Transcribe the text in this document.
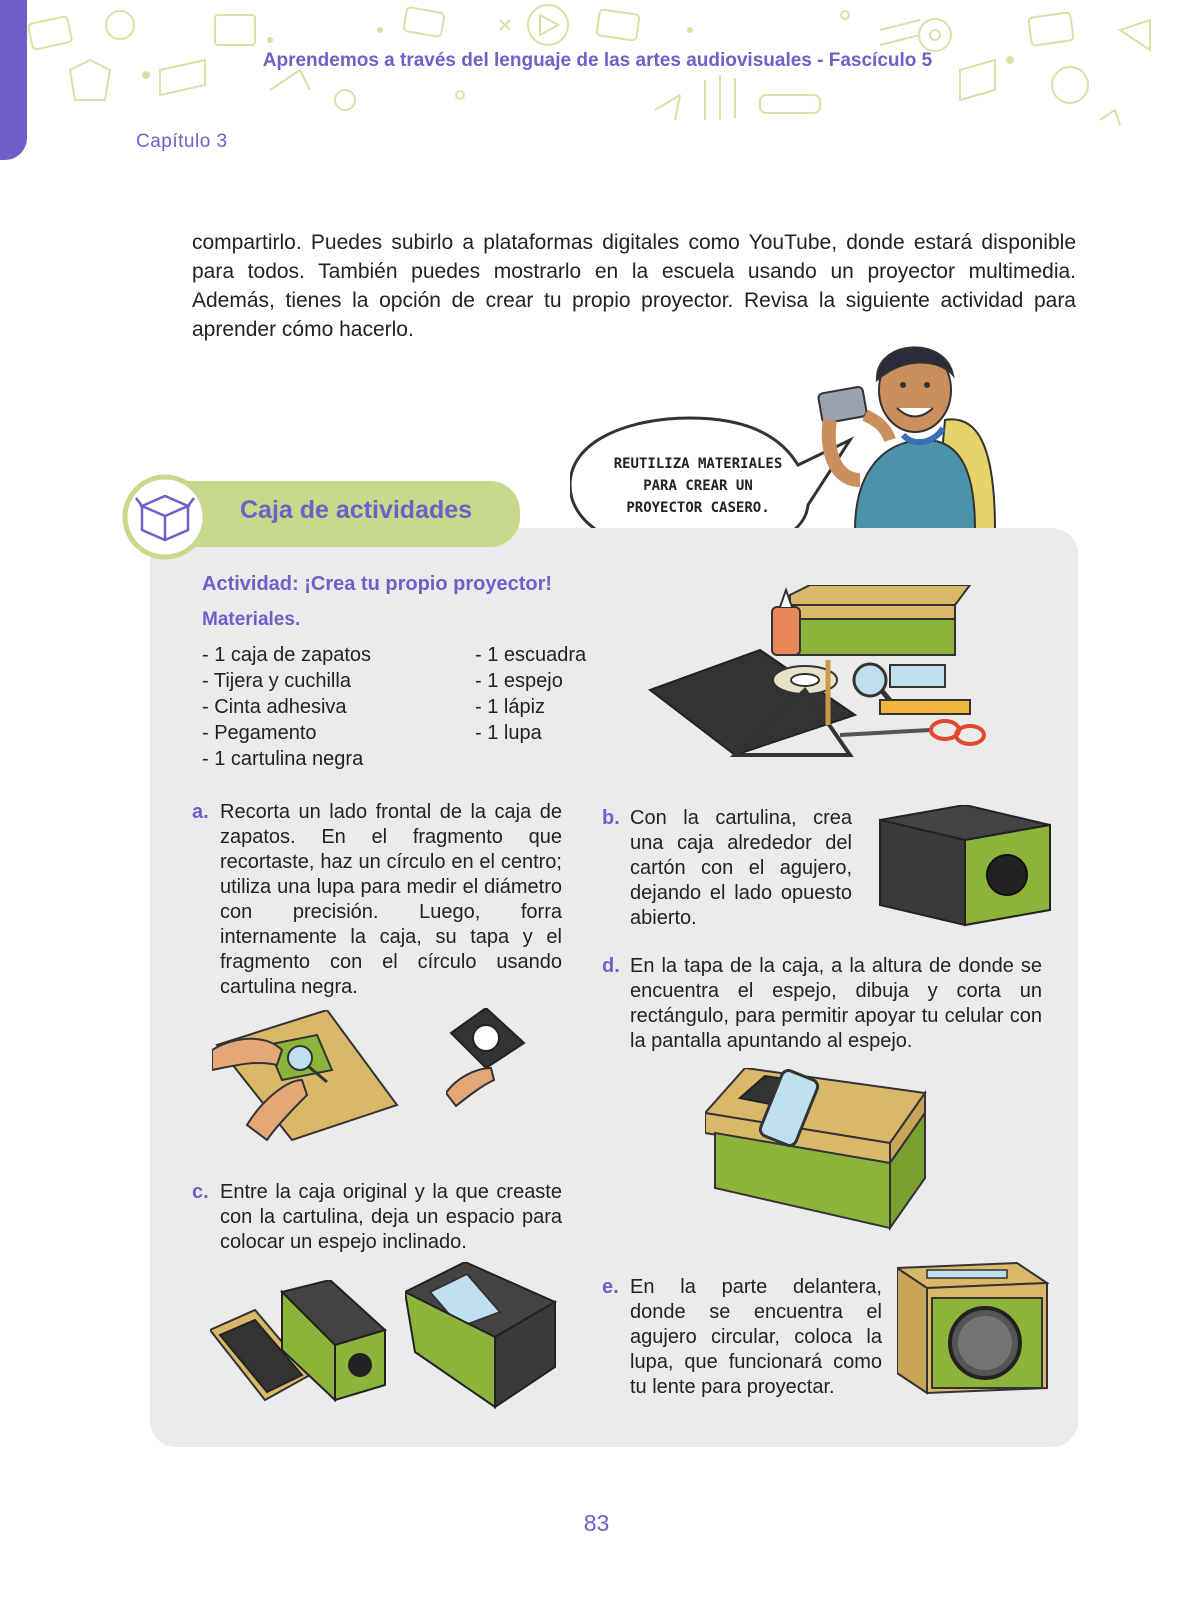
Aprendemos a través del lenguaje de las artes audiovisuales - Fascículo 5
Capítulo 3

compartirlo. Puedes subirlo a plataformas digitales como YouTube, donde estará disponible para todos. También puedes mostrarlo en la escuela usando un proyector multimedia. Además, tienes la opción de crear tu propio proyector. Revisa la siguiente actividad para aprender cómo hacerlo.

REUTILIZA MATERIALES
PARA CREAR UN
PROYECTOR CASERO.
Caja de actividades
Actividad: ¡Crea tu propio proyector!
Materiales.
- 1 caja de zapatos
- Tijera y cuchilla
- Cinta adhesiva
- Pegamento
- 1 cartulina negra
- 1 escuadra
- 1 espejo
- 1 lápiz
- 1 lupa
a. Recorta un lado frontal de la caja de zapatos. En el fragmento que recortaste, haz un círculo en el centro; utiliza una lupa para medir el diámetro con precisión. Luego, forra internamente la caja, su tapa y el fragmento con el círculo usando cartulina negra.
b. Con la cartulina, crea una caja alrededor del cartón con el agujero, dejando el lado opuesto abierto.
d. En la tapa de la caja, a la altura de donde se encuentra el espejo, dibuja y corta un rectángulo, para permitir apoyar tu celular con la pantalla apuntando al espejo.
c. Entre la caja original y la que creaste con la cartulina, deja un espacio para colocar un espejo inclinado.
e. En la parte delantera, donde se encuentra el agujero circular, coloca la lupa, que funcionará como tu lente para proyectar.
83
